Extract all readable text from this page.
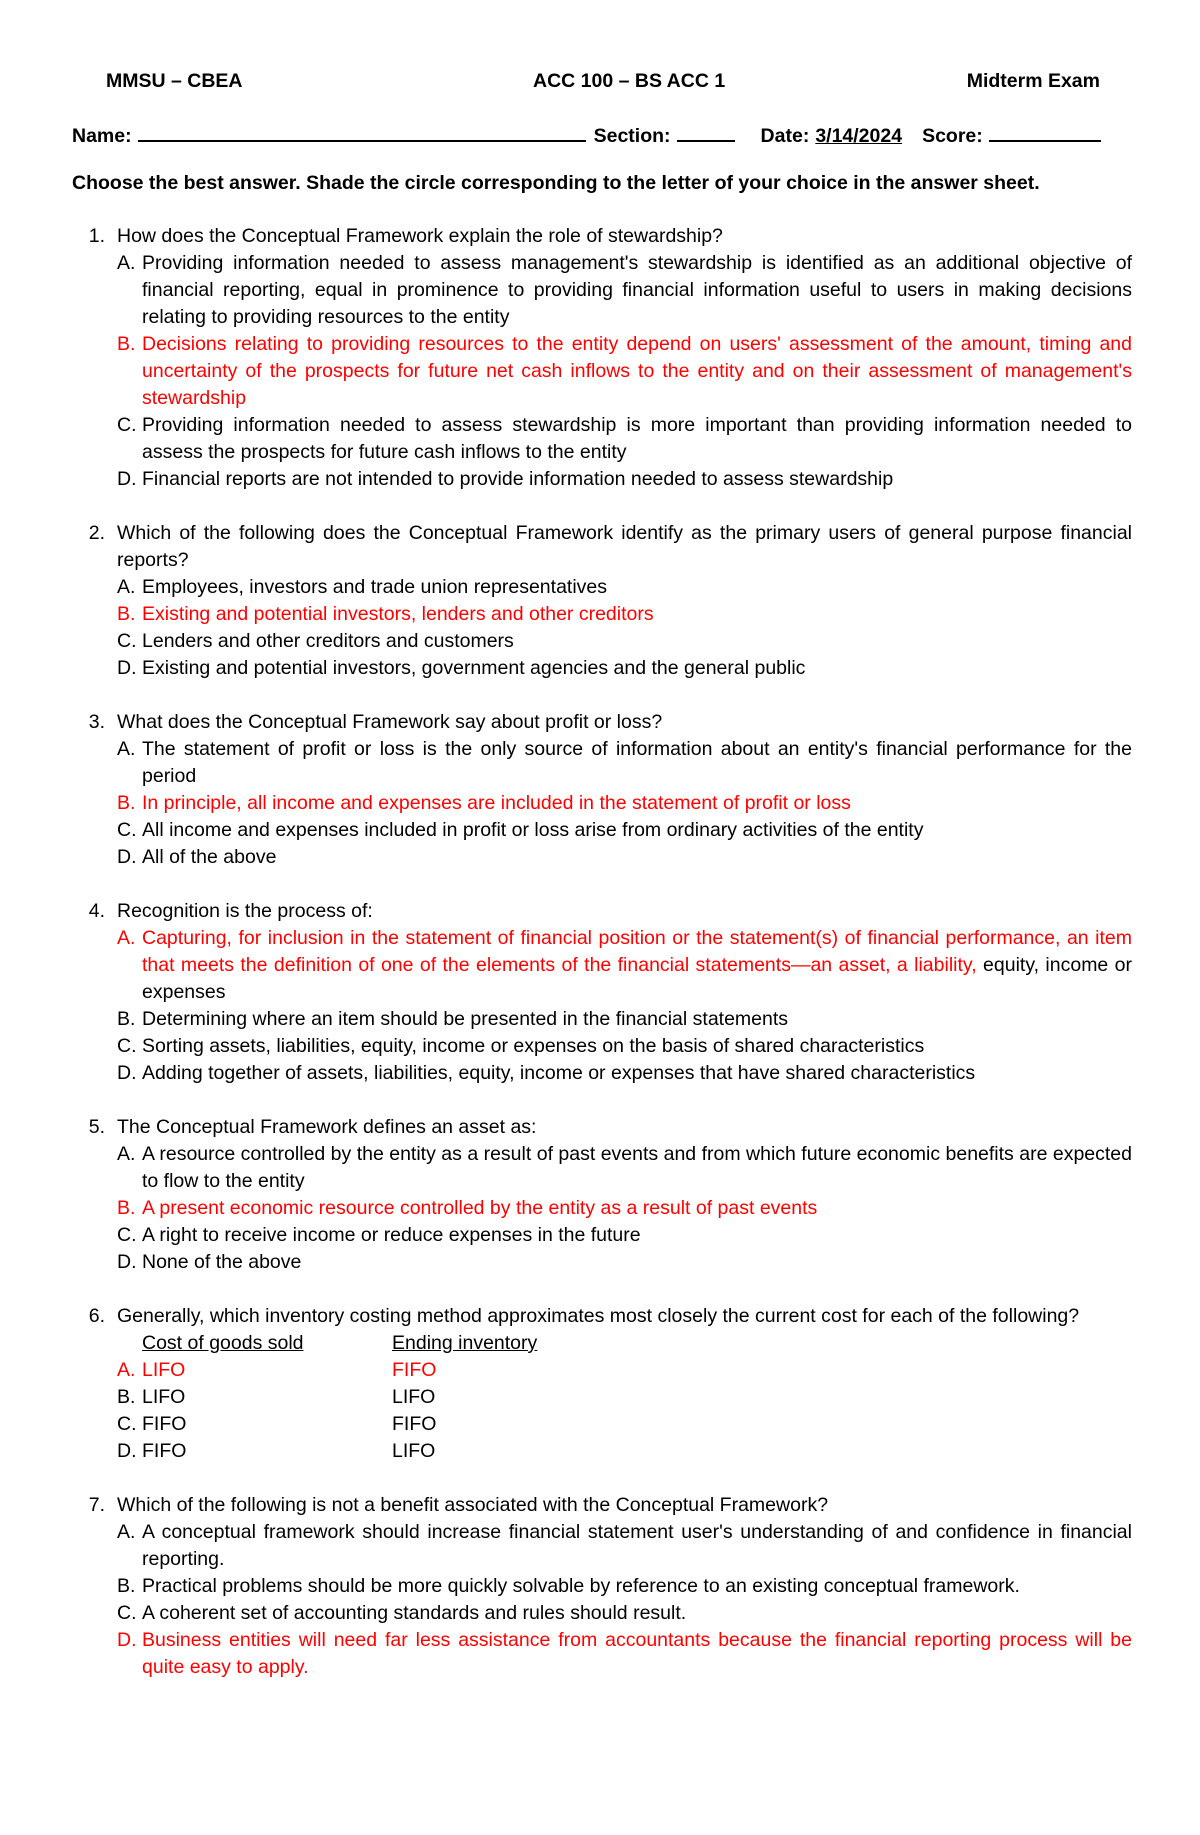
MMSU – CBEA	ACC 100 – BS ACC 1	Midterm Exam
Name:	Section:	Date: 3/14/2024 Score:
Choose the best answer. Shade the circle corresponding to the letter of your choice in the answer sheet.
1. How does the Conceptual Framework explain the role of stewardship?
A. Providing information needed to assess management's stewardship is identified as an additional objective of financial reporting, equal in prominence to providing financial information useful to users in making decisions relating to providing resources to the entity
B. Decisions relating to providing resources to the entity depend on users' assessment of the amount, timing and uncertainty of the prospects for future net cash inflows to the entity and on their assessment of management's stewardship
C. Providing information needed to assess stewardship is more important than providing information needed to assess the prospects for future cash inflows to the entity
D. Financial reports are not intended to provide information needed to assess stewardship
2. Which of the following does the Conceptual Framework identify as the primary users of general purpose financial reports?
A. Employees, investors and trade union representatives
B. Existing and potential investors, lenders and other creditors
C. Lenders and other creditors and customers
D. Existing and potential investors, government agencies and the general public
3. What does the Conceptual Framework say about profit or loss?
A. The statement of profit or loss is the only source of information about an entity's financial performance for the period
B. In principle, all income and expenses are included in the statement of profit or loss
C. All income and expenses included in profit or loss arise from ordinary activities of the entity
D. All of the above
4. Recognition is the process of:
A. Capturing, for inclusion in the statement of financial position or the statement(s) of financial performance, an item that meets the definition of one of the elements of the financial statements—an asset, a liability, equity, income or expenses
B. Determining where an item should be presented in the financial statements
C. Sorting assets, liabilities, equity, income or expenses on the basis of shared characteristics
D. Adding together of assets, liabilities, equity, income or expenses that have shared characteristics
5. The Conceptual Framework defines an asset as:
A. A resource controlled by the entity as a result of past events and from which future economic benefits are expected to flow to the entity
B. A present economic resource controlled by the entity as a result of past events
C. A right to receive income or reduce expenses in the future
D. None of the above
6. Generally, which inventory costing method approximates most closely the current cost for each of the following?
Cost of goods sold	Ending inventory
A. LIFO	FIFO
B. LIFO	LIFO
C. FIFO	FIFO
D. FIFO	LIFO
7. Which of the following is not a benefit associated with the Conceptual Framework?
A. A conceptual framework should increase financial statement user's understanding of and confidence in financial reporting.
B. Practical problems should be more quickly solvable by reference to an existing conceptual framework.
C. A coherent set of accounting standards and rules should result.
D. Business entities will need far less assistance from accountants because the financial reporting process will be quite easy to apply.
